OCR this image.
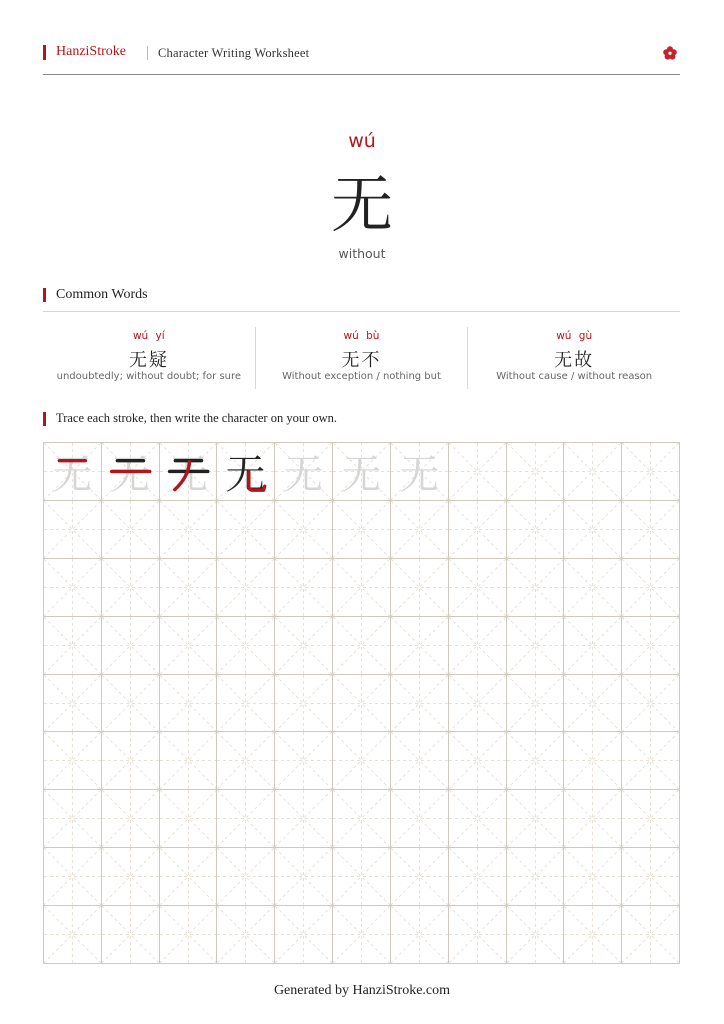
HanziStroke	Character Writing Worksheet
wú
无
without
Common Words
wú yí
无疑
undoubtedly; without doubt; for sure
wú bù
无不
Without exception / nothing but
wú gù
无故
Without cause / without reason
Trace each stroke, then write the character on your own.
无 无 无 无 无 无 无
Generated by HanziStroke.com
